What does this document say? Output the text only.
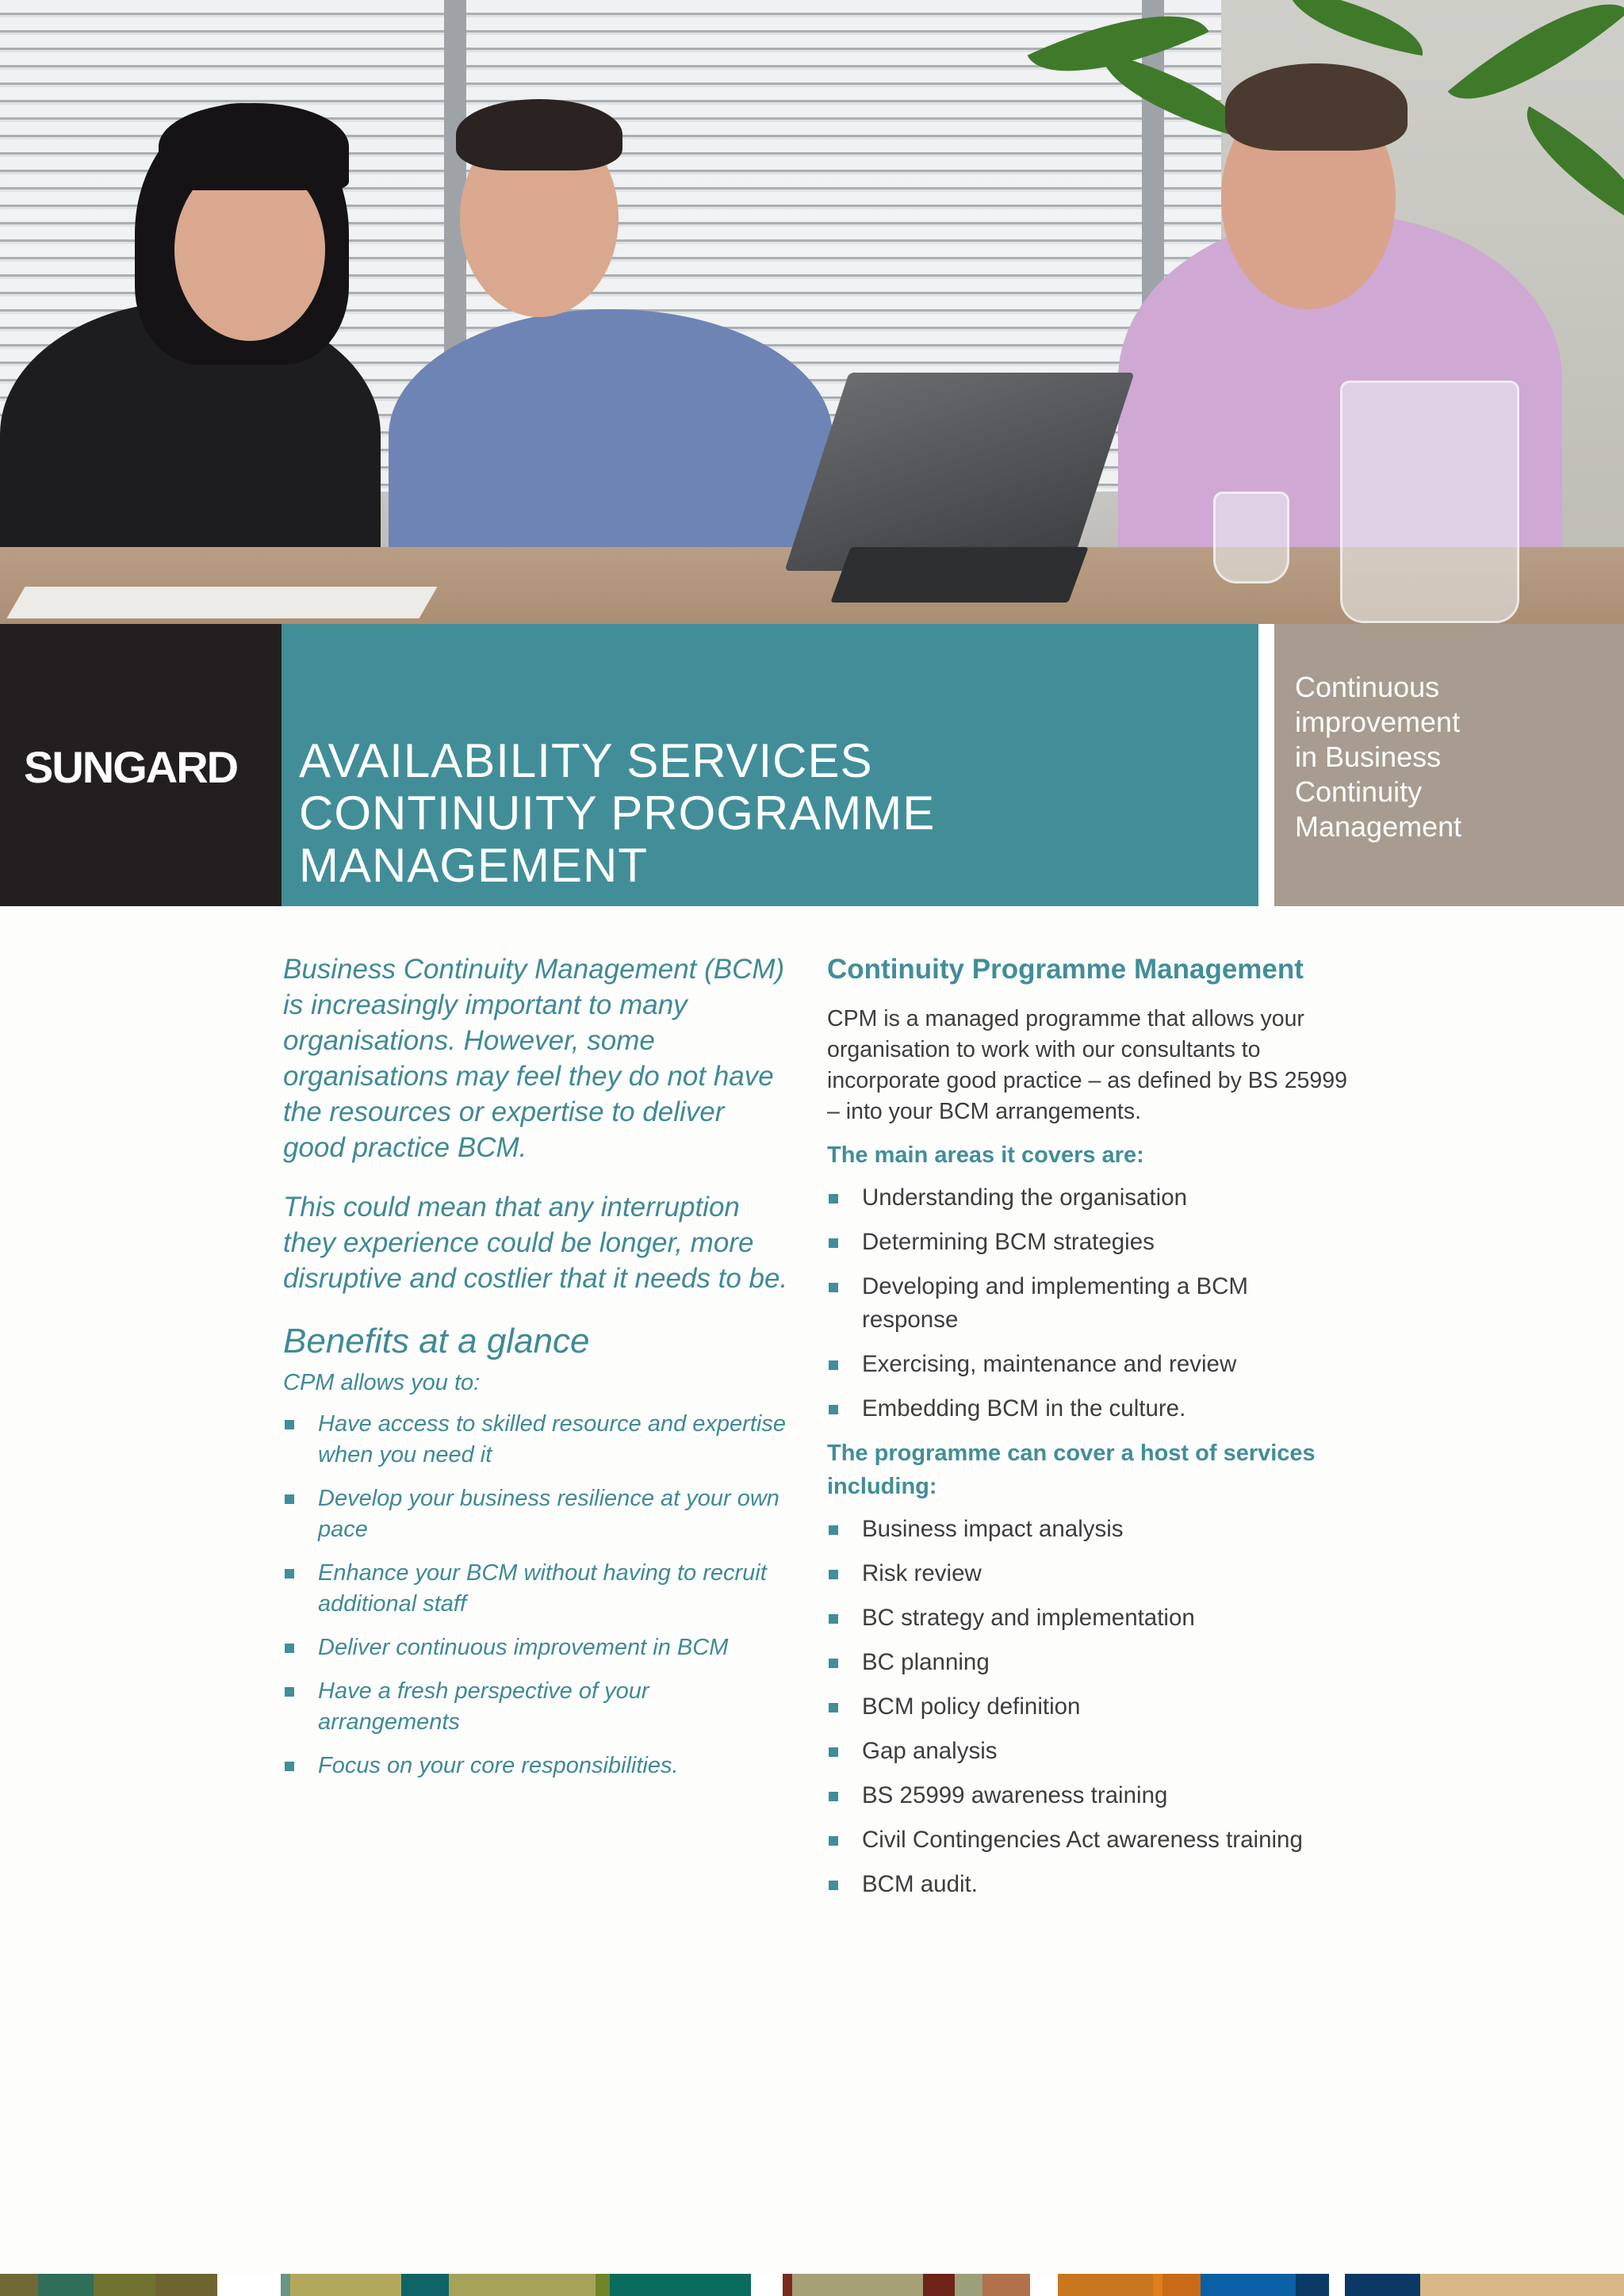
SUNGARD AVAILABILITY SERVICES
CONTINUITY PROGRAMME
MANAGEMENT
Continuous
improvement
in Business
Continuity
Management

Business Continuity Management (BCM) is increasingly important to many organisations. However, some organisations may feel they do not have the resources or expertise to deliver good practice BCM.

This could mean that any interruption they experience could be longer, more disruptive and costlier that it needs to be.

Benefits at a glance

CPM allows you to:

Have access to skilled resource and expertise when you need it
Develop your business resilience at your own pace
Enhance your BCM without having to recruit additional staff
Deliver continuous improvement in BCM
Have a fresh perspective of your arrangements
Focus on your core responsibilities.
Continuity Programme Management

CPM is a managed programme that allows your organisation to work with our consultants to incorporate good practice – as defined by BS 25999 – into your BCM arrangements.

The main areas it covers are:

Understanding the organisation
Determining BCM strategies
Developing and implementing a BCM response
Exercising, maintenance and review
Embedding BCM in the culture.

The programme can cover a host of services including:

Business impact analysis
Risk review
BC strategy and implementation
BC planning
BCM policy definition
Gap analysis
BS 25999 awareness training
Civil Contingencies Act awareness training
BCM audit.
